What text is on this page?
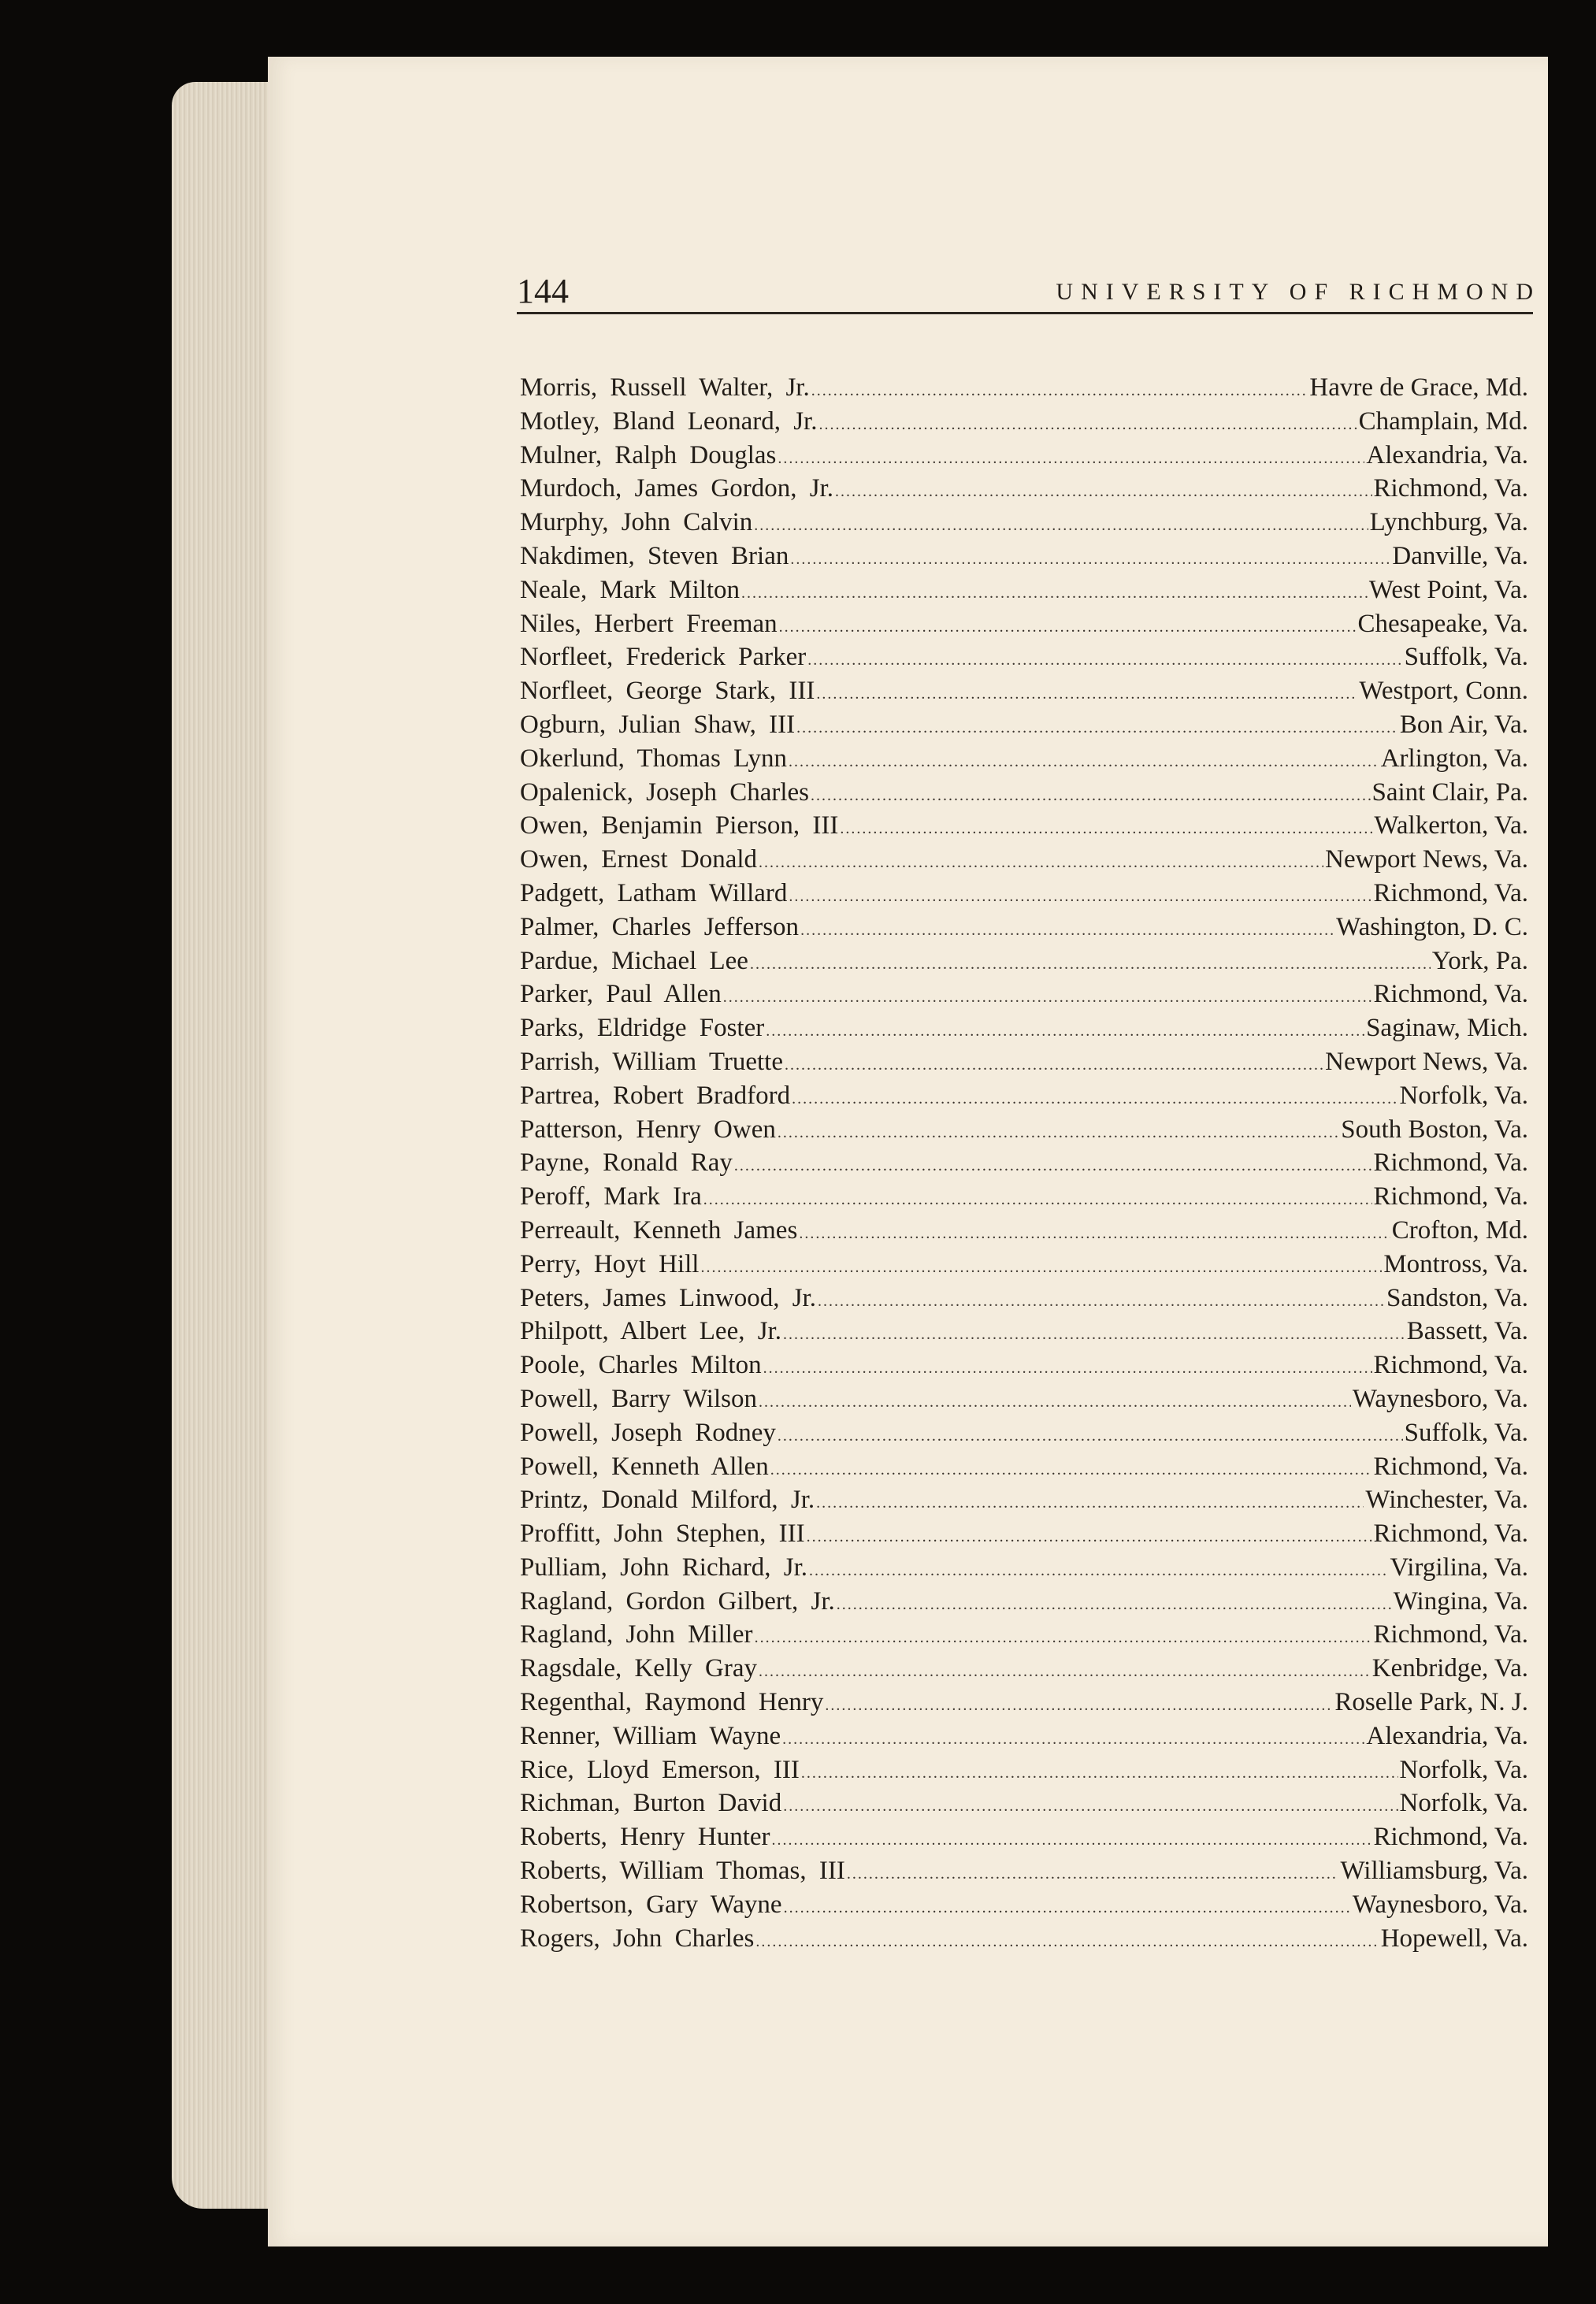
144	UNIVERSITY OF RICHMOND
Morris, Russell Walter, Jr. .....	Havre de Grace, Md.
Motley, Bland Leonard, Jr. .....	Champlain, Md.
Mulner, Ralph Douglas .....	Alexandria, Va.
Murdoch, James Gordon, Jr. .....	Richmond, Va.
Murphy, John Calvin .....	Lynchburg, Va.
Nakdimen, Steven Brian .....	Danville, Va.
Neale, Mark Milton .....	West Point, Va.
Niles, Herbert Freeman .....	Chesapeake, Va.
Norfleet, Frederick Parker .....	Suffolk, Va.
Norfleet, George Stark, III .....	Westport, Conn.
Ogburn, Julian Shaw, III .....	Bon Air, Va.
Okerlund, Thomas Lynn .....	Arlington, Va.
Opalenick, Joseph Charles .....	Saint Clair, Pa.
Owen, Benjamin Pierson, III .....	Walkerton, Va.
Owen, Ernest Donald .....	Newport News, Va.
Padgett, Latham Willard .....	Richmond, Va.
Palmer, Charles Jefferson .....	Washington, D. C.
Pardue, Michael Lee .....	York, Pa.
Parker, Paul Allen .....	Richmond, Va.
Parks, Eldridge Foster .....	Saginaw, Mich.
Parrish, William Truette .....	Newport News, Va.
Partrea, Robert Bradford .....	Norfolk, Va.
Patterson, Henry Owen .....	South Boston, Va.
Payne, Ronald Ray .....	Richmond, Va.
Peroff, Mark Ira .....	Richmond, Va.
Perreault, Kenneth James .....	Crofton, Md.
Perry, Hoyt Hill .....	Montross, Va.
Peters, James Linwood, Jr. .....	Sandston, Va.
Philpott, Albert Lee, Jr. .....	Bassett, Va.
Poole, Charles Milton .....	Richmond, Va.
Powell, Barry Wilson .....	Waynesboro, Va.
Powell, Joseph Rodney .....	Suffolk, Va.
Powell, Kenneth Allen .....	Richmond, Va.
Printz, Donald Milford, Jr. .....	Winchester, Va.
Proffitt, John Stephen, III .....	Richmond, Va.
Pulliam, John Richard, Jr. .....	Virgilina, Va.
Ragland, Gordon Gilbert, Jr. .....	Wingina, Va.
Ragland, John Miller .....	Richmond, Va.
Ragsdale, Kelly Gray .....	Kenbridge, Va.
Regenthal, Raymond Henry .....	Roselle Park, N. J.
Renner, William Wayne .....	Alexandria, Va.
Rice, Lloyd Emerson, III .....	Norfolk, Va.
Richman, Burton David .....	Norfolk, Va.
Roberts, Henry Hunter .....	Richmond, Va.
Roberts, William Thomas, III .....	Williamsburg, Va.
Robertson, Gary Wayne .....	Waynesboro, Va.
Rogers, John Charles .....	Hopewell, Va.
